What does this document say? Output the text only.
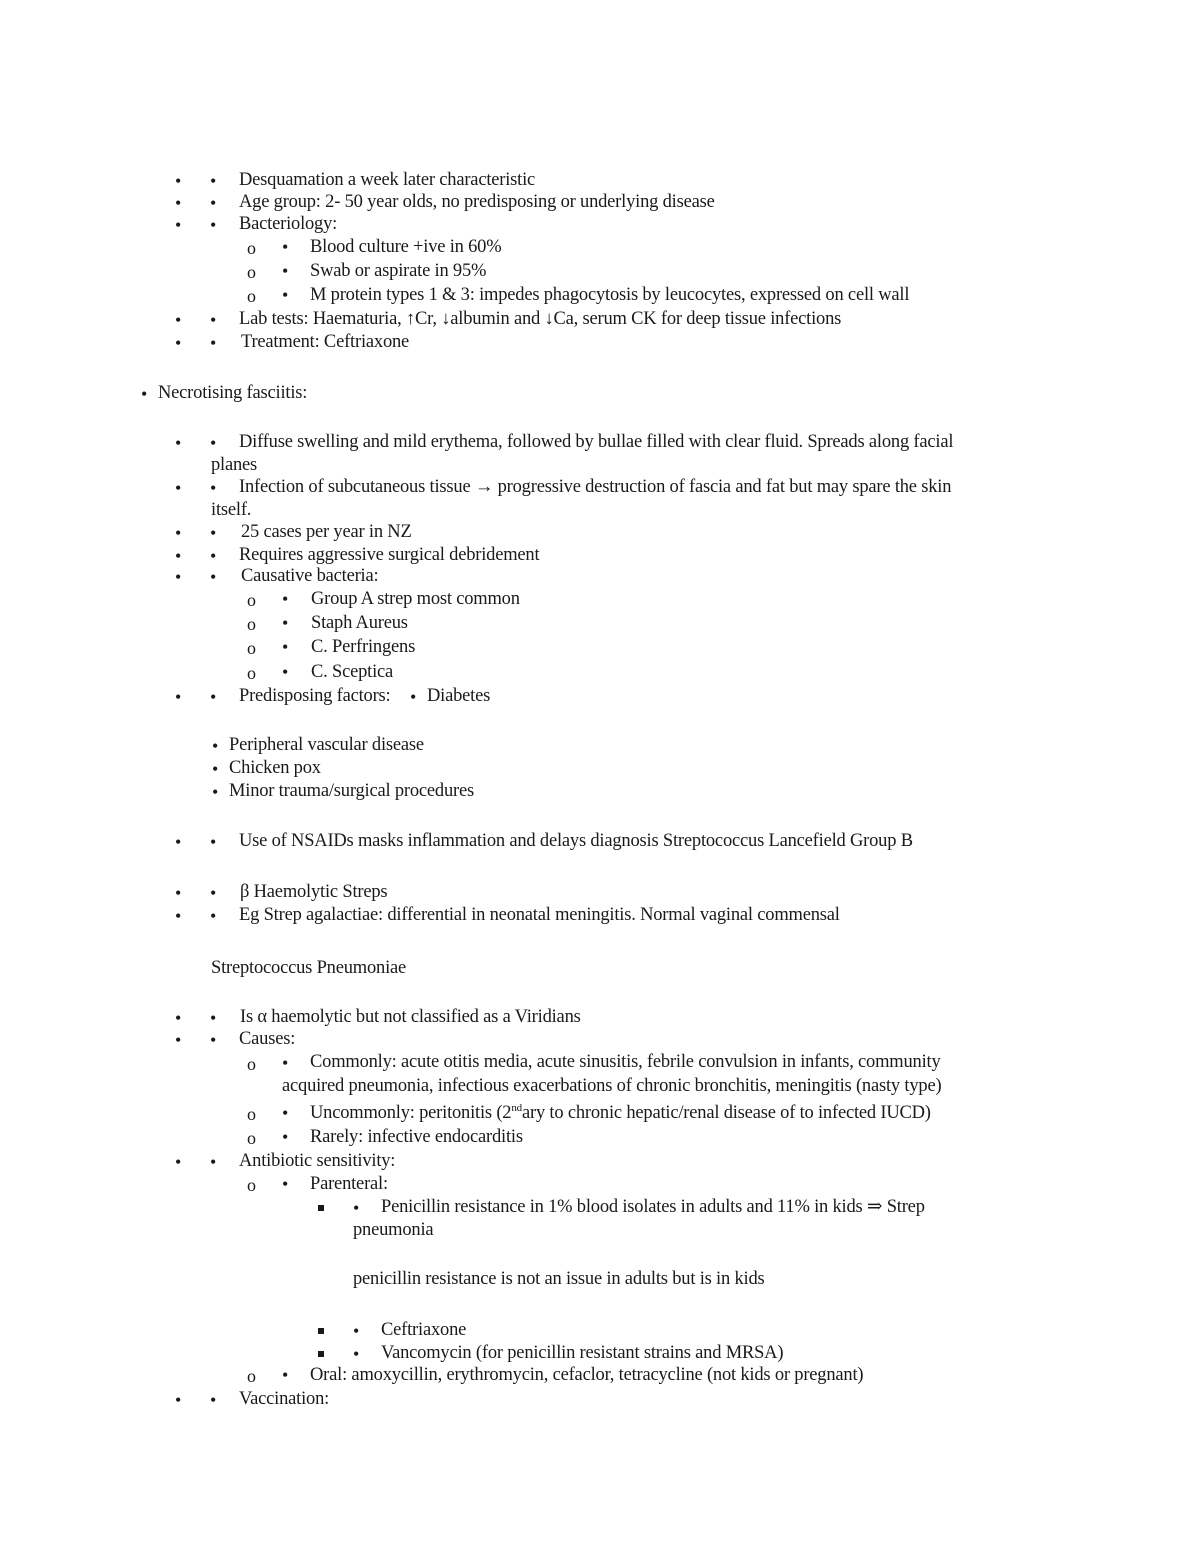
• • Desquamation a week later characteristic
• • Age group: 2- 50 year olds, no predisposing or underlying disease
• • Bacteriology:
o • Blood culture +ive in 60%
o • Swab or aspirate in 95%
o • M protein types 1 & 3: impedes phagocytosis by leucocytes, expressed on cell wall
• • Lab tests: Haematuria, ↑Cr, ↓albumin and ↓Ca, serum CK for deep tissue infections
• • Treatment: Ceftriaxone
• Necrotising fasciitis:
• • Diffuse swelling and mild erythema, followed by bullae filled with clear fluid. Spreads along facial
planes
• • Infection of subcutaneous tissue → progressive destruction of fascia and fat but may spare the skin
itself.
• • 25 cases per year in NZ
• • Requires aggressive surgical debridement
• • Causative bacteria:
o • Group A strep most common
o • Staph Aureus
o • C. Perfringens
o • C. Sceptica
• • Predisposing factors: • Diabetes
• Peripheral vascular disease
• Chicken pox
• Minor trauma/surgical procedures
• • Use of NSAIDs masks inflammation and delays diagnosis Streptococcus Lancefield Group B
• • β Haemolytic Streps
• • Eg Strep agalactiae: differential in neonatal meningitis. Normal vaginal commensal
Streptococcus Pneumoniae
• • Is α haemolytic but not classified as a Viridians
• • Causes:
o • Commonly: acute otitis media, acute sinusitis, febrile convulsion in infants, community
acquired pneumonia, infectious exacerbations of chronic bronchitis, meningitis (nasty type)
o • Uncommonly: peritonitis (2ndary to chronic hepatic/renal disease of to infected IUCD)
o • Rarely: infective endocarditis
• • Antibiotic sensitivity:
o • Parenteral:
• Penicillin resistance in 1% blood isolates in adults and 11% in kids ⇒ Strep
pneumonia
penicillin resistance is not an issue in adults but is in kids
• Ceftriaxone
• Vancomycin (for penicillin resistant strains and MRSA)
o • Oral: amoxycillin, erythromycin, cefaclor, tetracycline (not kids or pregnant)
• • Vaccination:
